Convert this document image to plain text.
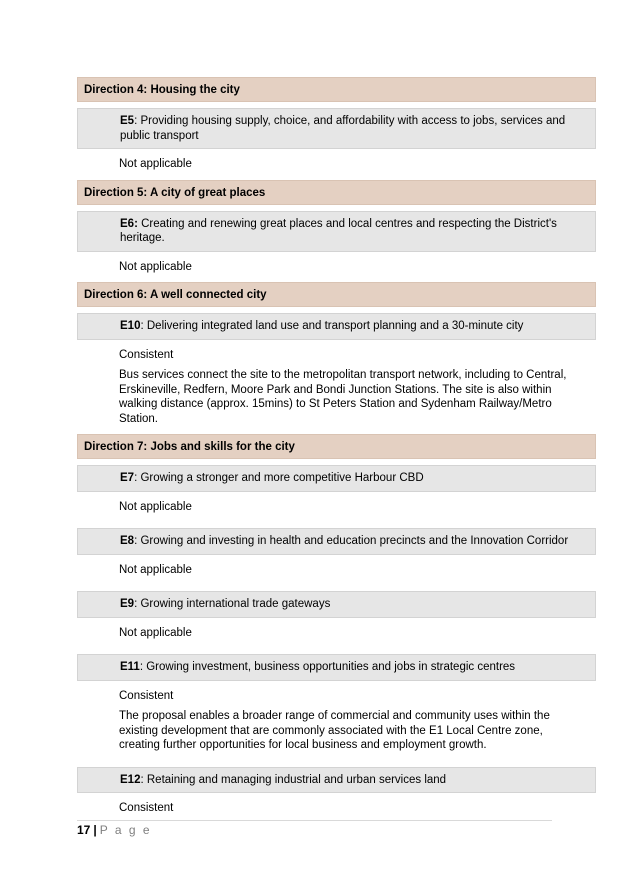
Direction 4: Housing the city
E5: Providing housing supply, choice, and affordability with access to jobs, services and public transport
Not applicable
Direction 5: A city of great places
E6: Creating and renewing great places and local centres and respecting the District's heritage.
Not applicable
Direction 6: A well connected city
E10: Delivering integrated land use and transport planning and a 30-minute city
Consistent
Bus services connect the site to the metropolitan transport network, including to Central, Erskineville, Redfern, Moore Park and Bondi Junction Stations. The site is also within walking distance (approx. 15mins) to St Peters Station and Sydenham Railway/Metro Station.
Direction 7: Jobs and skills for the city
E7: Growing a stronger and more competitive Harbour CBD
Not applicable
E8: Growing and investing in health and education precincts and the Innovation Corridor
Not applicable
E9: Growing international trade gateways
Not applicable
E11: Growing investment, business opportunities and jobs in strategic centres
Consistent
The proposal enables a broader range of commercial and community uses within the existing development that are commonly associated with the E1 Local Centre zone, creating further opportunities for local business and employment growth.
E12: Retaining and managing industrial and urban services land
Consistent
17 | P a g e
